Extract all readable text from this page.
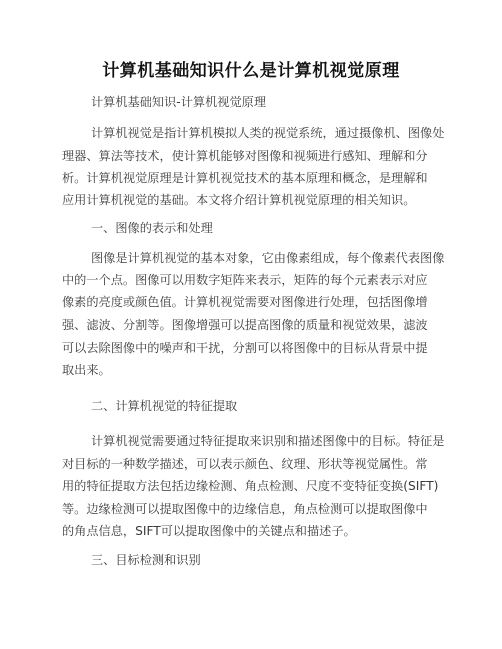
计算机基础知识什么是计算机视觉原理
计算机基础知识-计算机视觉原理
计算机视觉是指计算机模拟人类的视觉系统，通过摄像机、图像处
理器、算法等技术，使计算机能够对图像和视频进行感知、理解和分
析。计算机视觉原理是计算机视觉技术的基本原理和概念，是理解和
应用计算机视觉的基础。本文将介绍计算机视觉原理的相关知识。
一、图像的表示和处理
图像是计算机视觉的基本对象，它由像素组成，每个像素代表图像
中的一个点。图像可以用数字矩阵来表示，矩阵的每个元素表示对应
像素的亮度或颜色值。计算机视觉需要对图像进行处理，包括图像增
强、滤波、分割等。图像增强可以提高图像的质量和视觉效果，滤波
可以去除图像中的噪声和干扰，分割可以将图像中的目标从背景中提
取出来。
二、计算机视觉的特征提取
计算机视觉需要通过特征提取来识别和描述图像中的目标。特征是
对目标的一种数学描述，可以表示颜色、纹理、形状等视觉属性。常
用的特征提取方法包括边缘检测、角点检测、尺度不变特征变换(SIFT)
等。边缘检测可以提取图像中的边缘信息，角点检测可以提取图像中
的角点信息，SIFT可以提取图像中的关键点和描述子。
三、目标检测和识别
